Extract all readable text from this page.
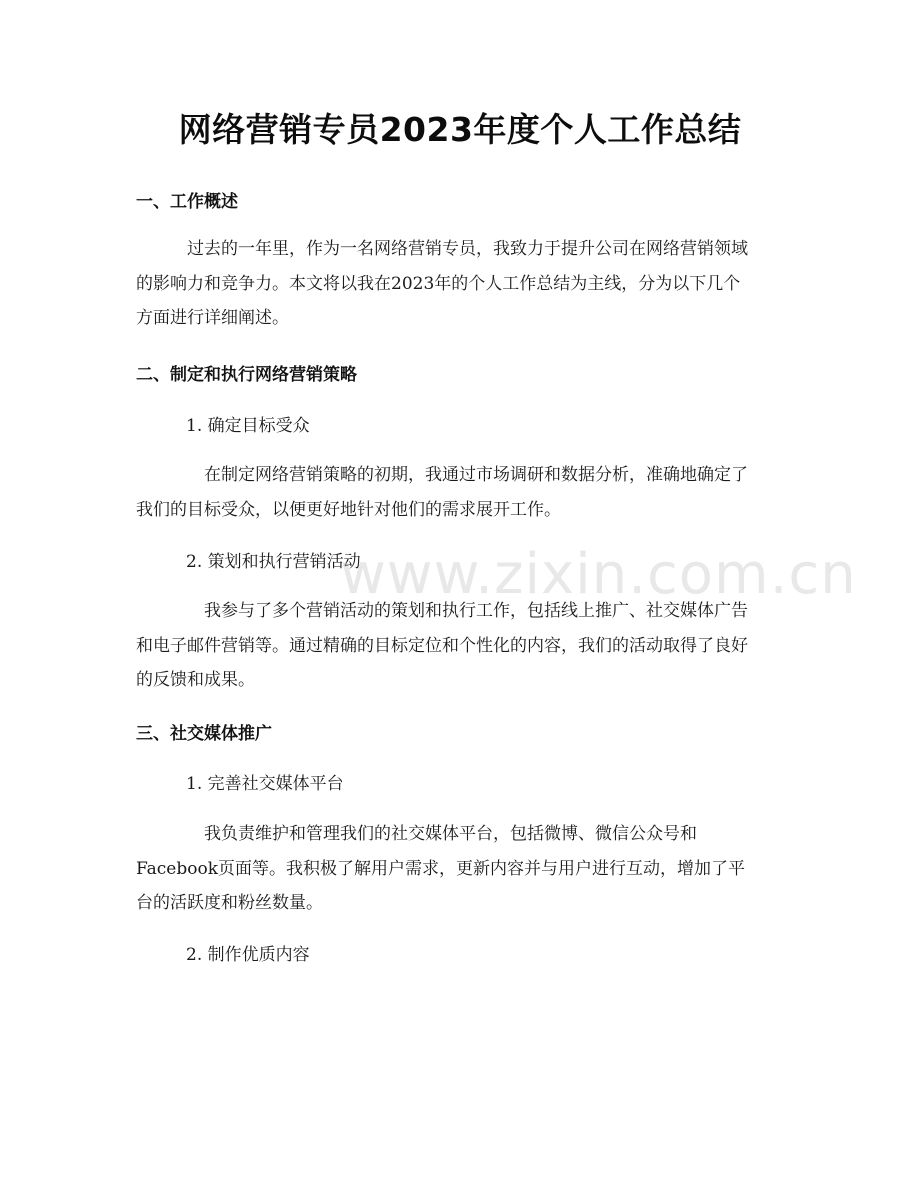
网络营销专员2023年度个人工作总结
一、工作概述
过去的一年里，作为一名网络营销专员，我致力于提升公司在网络营销领域
的影响力和竞争力。本文将以我在2023年的个人工作总结为主线，分为以下几个
方面进行详细阐述。
二、制定和执行网络营销策略
1. 确定目标受众
在制定网络营销策略的初期，我通过市场调研和数据分析，准确地确定了
我们的目标受众，以便更好地针对他们的需求展开工作。
2. 策划和执行营销活动
我参与了多个营销活动的策划和执行工作，包括线上推广、社交媒体广告
和电子邮件营销等。通过精确的目标定位和个性化的内容，我们的活动取得了良好
的反馈和成果。
三、社交媒体推广
1. 完善社交媒体平台
我负责维护和管理我们的社交媒体平台，包括微博、微信公众号和
Facebook页面等。我积极了解用户需求，更新内容并与用户进行互动，增加了平
台的活跃度和粉丝数量。
2. 制作优质内容
www.zixin.com.cn
